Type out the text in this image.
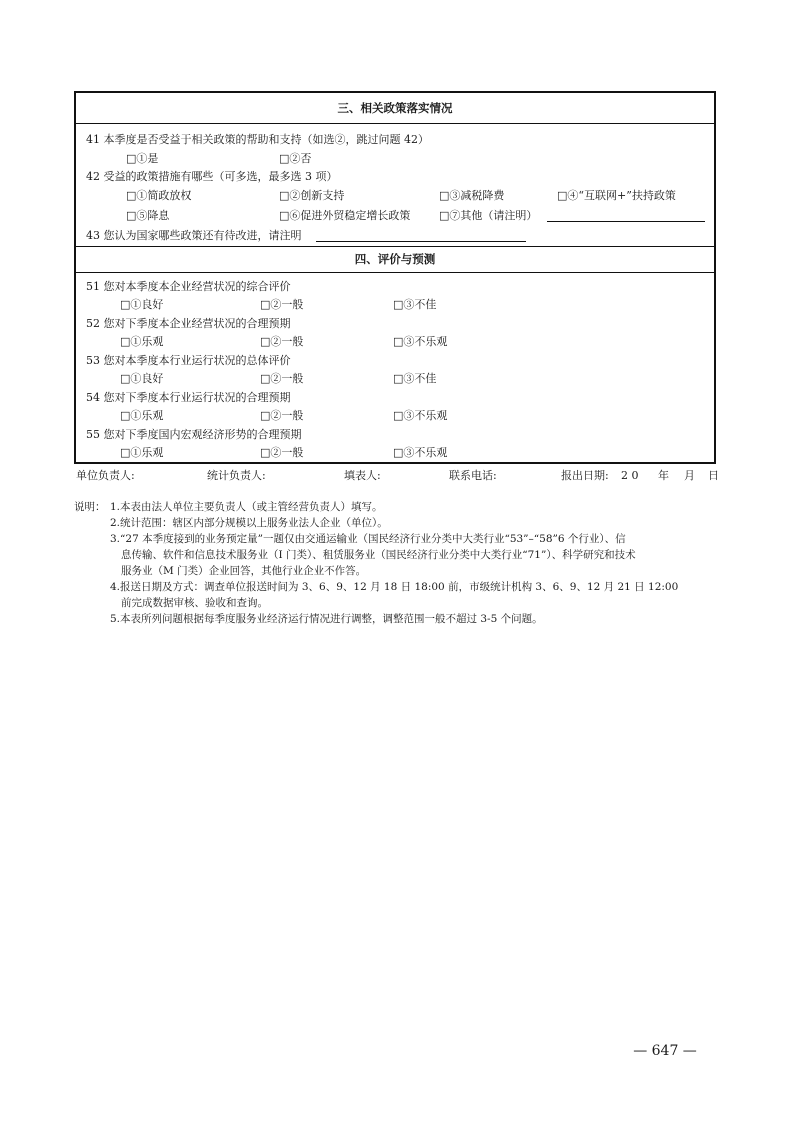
三、相关政策落实情况
41 本季度是否受益于相关政策的帮助和支持（如选②，跳过问题 42）
□①是	□②否
42 受益的政策措施有哪些（可多选，最多选 3 项）
□①简政放权	□②创新支持	□③减税降费	□④“互联网+”扶持政策
□⑤降息	□⑥促进外贸稳定增长政策	□⑦其他（请注明）
43 您认为国家哪些政策还有待改进，请注明
四、评价与预测
51 您对本季度本企业经营状况的综合评价
□①良好	□②一般	□③不佳
52 您对下季度本企业经营状况的合理预期
□①乐观	□②一般	□③不乐观
53 您对本季度本行业运行状况的总体评价
□①良好	□②一般	□③不佳
54 您对下季度本行业运行状况的合理预期
□①乐观	□②一般	□③不乐观
55 您对下季度国内宏观经济形势的合理预期
□①乐观	□②一般	□③不乐观
单位负责人:	统计负责人:	填表人:	联系电话:	报出日期: 2 0 年 月 日
说明： 1.本表由法人单位主要负责人（或主管经营负责人）填写。
2.统计范围：辖区内部分规模以上服务业法人企业（单位）。
3.“27 本季度接到的业务预定量”一题仅由交通运输业（国民经济行业分类中大类行业“53”–“58”6 个行业）、信
息传输、软件和信息技术服务业（I 门类）、租赁服务业（国民经济行业分类中大类行业“71”）、科学研究和技术
服务业（M 门类）企业回答，其他行业企业不作答。
4.报送日期及方式：调查单位报送时间为 3、6、9、12 月 18 日 18:00 前，市级统计机构 3、6、9、12 月 21 日 12:00
前完成数据审核、验收和查询。
5.本表所列问题根据每季度服务业经济运行情况进行调整，调整范围一般不超过 3-5 个问题。
— 647 —
